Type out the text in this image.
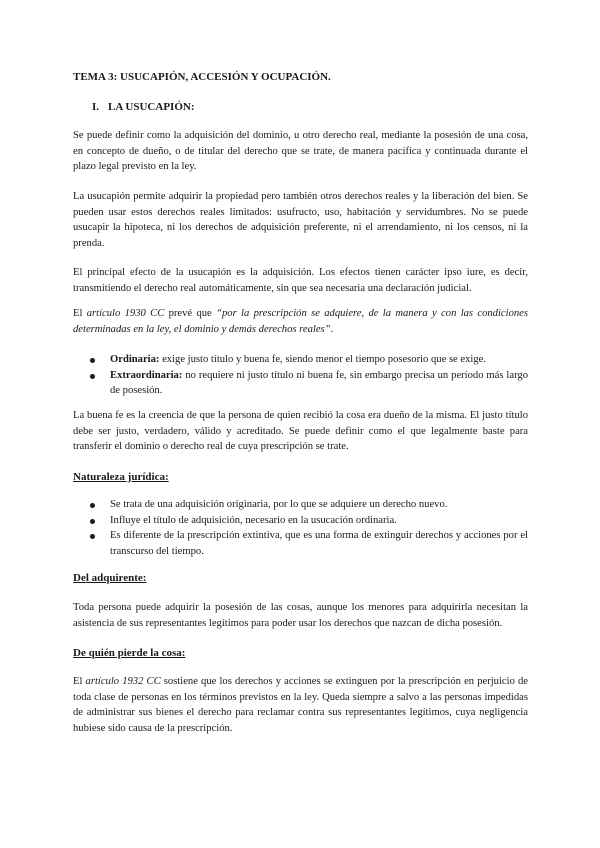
TEMA 3: USUCAPIÓN, ACCESIÓN Y OCUPACIÓN.
I. LA USUCAPIÓN:

Se puede definir como la adquisición del dominio, u otro derecho real, mediante la posesión de una cosa, en concepto de dueño, o de titular del derecho que se trate, de manera pacífica y continuada durante el plazo legal previsto en la ley.

La usucapión permite adquirir la propiedad pero también otros derechos reales y la liberación del bien. Se pueden usar estos derechos reales limitados: usufructo, uso, habitación y servidumbres. No se puede usucapir la hipoteca, ni los derechos de adquisición preferente, ni el arrendamiento, ni los censos, ni la prenda.

El principal efecto de la usucapión es la adquisición. Los efectos tienen carácter ipso iure, es decir, transmitiendo el derecho real automáticamente, sin que sea necesaria una declaración judicial.

El artículo 1930 CC prevé que “por la prescripción se adquiere, de la manera y con las condiciones determinadas en la ley, el dominio y demás derechos reales”.

Ordinaria: exige justo título y buena fe, siendo menor el tiempo posesorio que se exige.
Extraordinaria: no requiere ni justo título ni buena fe, sin embargo precisa un período más largo de posesión.

La buena fe es la creencia de que la persona de quien recibió la cosa era dueño de la misma. El justo título debe ser justo, verdadero, válido y acreditado. Se puede definir como el que legalmente baste para transferir el dominio o derecho real de cuya prescripción se trate.

Naturaleza jurídica:
Se trata de una adquisición originaria, por lo que se adquiere un derecho nuevo.
Influye el título de adquisición, necesario en la usucación ordinaria.
Es diferente de la prescripción extintiva, que es una forma de extinguir derechos y acciones por el transcurso del tiempo.
Del adquirente:

Toda persona puede adquirir la posesión de las cosas, aunque los menores para adquirirla necesitan la asistencia de sus representantes legítimos para poder usar los derechos que nazcan de dicha posesión.

De quién pierde la cosa:

El artículo 1932 CC sostiene que los derechos y acciones se extinguen por la prescripción en perjuicio de toda clase de personas en los términos previstos en la ley. Queda siempre a salvo a las personas impedidas de administrar sus bienes el derecho para reclamar contra sus representantes legítimos, cuya negligencia hubiese sido causa de la prescripción.
